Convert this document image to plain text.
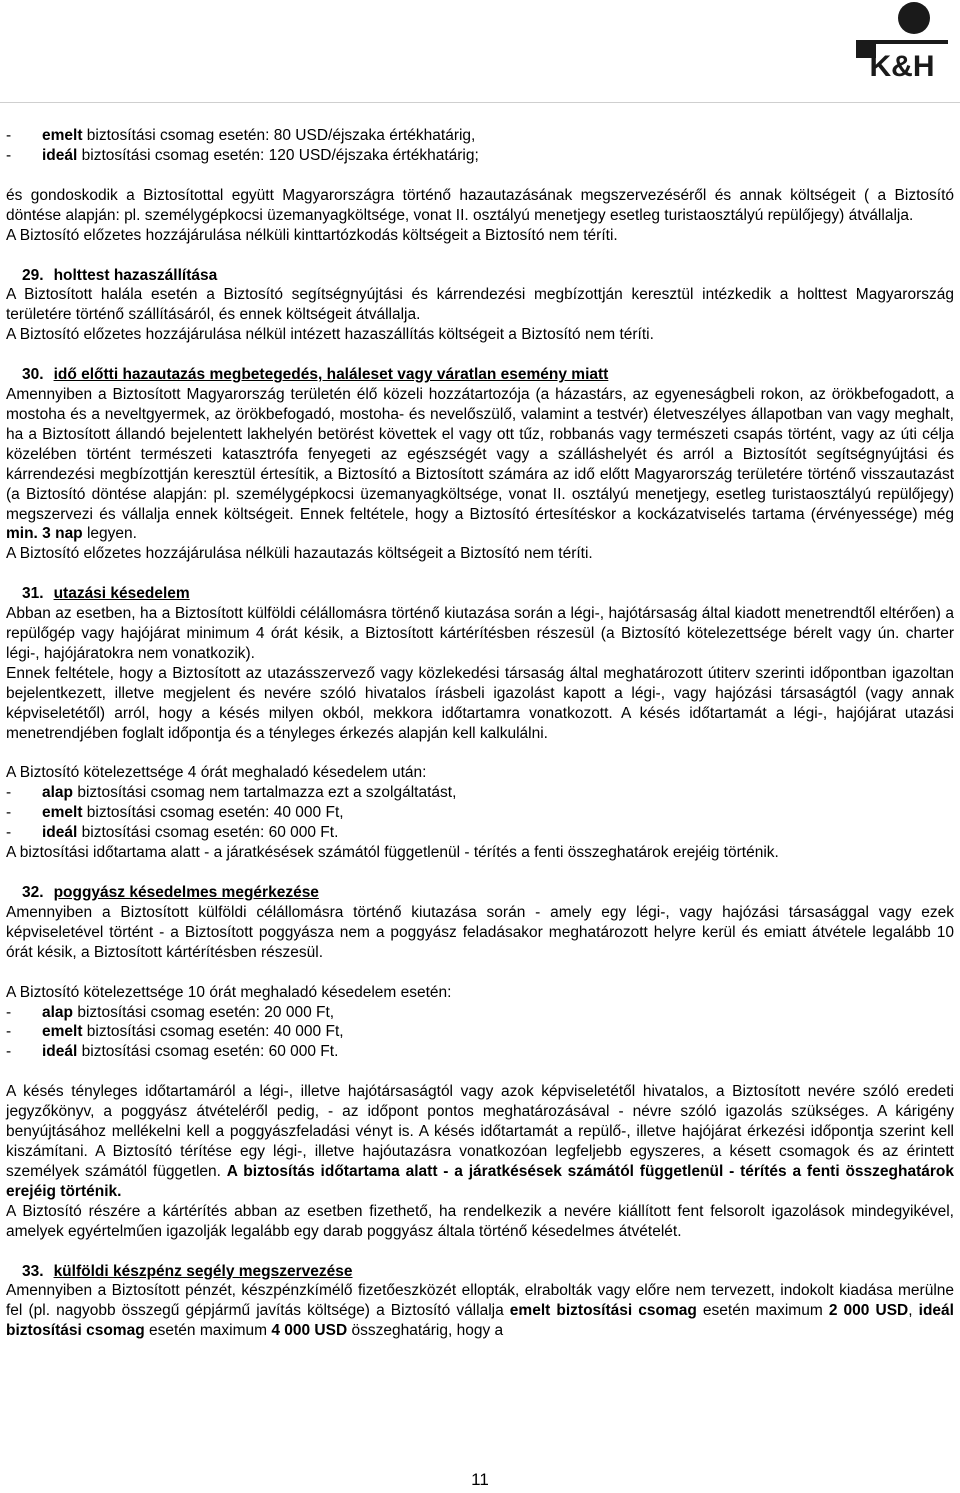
K&H
-	emelt biztosítási csomag esetén: 80 USD/éjszaka értékhatárig,
-	ideál biztosítási csomag esetén: 120 USD/éjszaka értékhatárig;

és gondoskodik a Biztosítottal együtt Magyarországra történő hazautazásának megszervezéséről és annak költségeit ( a Biztosító döntése alapján: pl. személygépkocsi üzemanyagköltsége, vonat II. osztályú menetjegy esetleg turistaosztályú repülőjegy) átvállalja.

A Biztosító előzetes hozzájárulása nélküli kinttartózkodás költségeit a Biztosító nem téríti.

29. holttest hazaszállítása

A Biztosított halála esetén a Biztosító segítségnyújtási és kárrendezési megbízottján keresztül intézkedik a holttest Magyarország területére történő szállításáról, és ennek költségeit átvállalja.

A Biztosító előzetes hozzájárulása nélkül intézett hazaszállítás költségeit a Biztosító nem téríti.

30. idő előtti hazautazás megbetegedés, haláleset vagy váratlan esemény miatt

Amennyiben a Biztosított Magyarország területén élő közeli hozzátartozója (a házastárs, az egyeneságbeli rokon, az örökbefogadott, a mostoha és a neveltgyermek, az örökbefogadó, mostoha- és nevelőszülő, valamint a testvér) életveszélyes állapotban van vagy meghalt, ha a Biztosított állandó bejelentett lakhelyén betörést követtek el vagy ott tűz, robbanás vagy természeti csapás történt, vagy az úti célja közelében történt természeti katasztrófa fenyegeti az egészségét vagy a szálláshelyét és arról a Biztosítót segítségnyújtási és kárrendezési megbízottján keresztül értesítik, a Biztosító a Biztosított számára az idő előtt Magyarország területére történő visszautazást (a Biztosító döntése alapján: pl. személygépkocsi üzemanyagköltsége, vonat II. osztályú menetjegy, esetleg turistaosztályú repülőjegy) megszervezi és vállalja ennek költségeit. Ennek feltétele, hogy a Biztosító értesítéskor a kockázatviselés tartama (érvényessége) még min. 3 nap legyen.

A Biztosító előzetes hozzájárulása nélküli hazautazás költségeit a Biztosító nem téríti.

31. utazási késedelem

Abban az esetben, ha a Biztosított külföldi célállomásra történő kiutazása során a légi-, hajótársaság által kiadott menetrendtől eltérően) a repülőgép vagy hajójárat minimum 4 órát késik, a Biztosított kártérítésben részesül (a Biztosító kötelezettsége bérelt vagy ún. charter légi-, hajójáratokra nem vonatkozik).

Ennek feltétele, hogy a Biztosított az utazásszervező vagy közlekedési társaság által meghatározott útiterv szerinti időpontban igazoltan bejelentkezett, illetve megjelent és nevére szóló hivatalos írásbeli igazolást kapott a légi-, vagy hajózási társaságtól (vagy annak képviseletétől) arról, hogy a késés milyen okból, mekkora időtartamra vonatkozott. A késés időtartamát a légi-, hajójárat utazási menetrendjében foglalt időpontja és a tényleges érkezés alapján kell kalkulálni.

A Biztosító kötelezettsége 4 órát meghaladó késedelem után:

-	alap biztosítási csomag nem tartalmazza ezt a szolgáltatást,
-	emelt biztosítási csomag esetén: 40 000 Ft,
-	ideál biztosítási csomag esetén: 60 000 Ft.

A biztosítási időtartama alatt - a járatkésések számától függetlenül - térítés a fenti összeghatárok erejéig történik.

32. poggyász késedelmes megérkezése

Amennyiben a Biztosított külföldi célállomásra történő kiutazása során - amely egy légi-, vagy hajózási társasággal vagy ezek képviseletével történt - a Biztosított poggyásza nem a poggyász feladásakor meghatározott helyre kerül és emiatt átvétele legalább 10 órát késik, a Biztosított kártérítésben részesül.

A Biztosító kötelezettsége 10 órát meghaladó késedelem esetén:

-	alap biztosítási csomag esetén: 20 000 Ft,
-	emelt biztosítási csomag esetén: 40 000 Ft,
-	ideál biztosítási csomag esetén: 60 000 Ft.

A késés tényleges időtartamáról a légi-, illetve hajótársaságtól vagy azok képviseletétől hivatalos, a Biztosított nevére szóló eredeti jegyzőkönyv, a poggyász átvételéről pedig, - az időpont pontos meghatározásával - névre szóló igazolás szükséges. A kárigény benyújtásához mellékelni kell a poggyászfeladási vényt is. A késés időtartamát a repülő-, illetve hajójárat érkezési időpontja szerint kell kiszámítani. A Biztosító térítése egy légi-, illetve hajóutazásra vonatkozóan legfeljebb egyszeres, a késett csomagok és az érintett személyek számától független. A biztosítás időtartama alatt - a járatkésések számától függetlenül - térítés a fenti összeghatárok erejéig történik.

A Biztosító részére a kártérítés abban az esetben fizethető, ha rendelkezik a nevére kiállított fent felsorolt igazolások mindegyikével, amelyek egyértelműen igazolják legalább egy darab poggyász általa történő késedelmes átvételét.

33. külföldi készpénz segély megszervezése

Amennyiben a Biztosított pénzét, készpénzkímélő fizetőeszközét ellopták, elrabolták vagy előre nem tervezett, indokolt kiadása merülne fel (pl. nagyobb összegű gépjármű javítás költsége) a Biztosító vállalja emelt biztosítási csomag esetén maximum 2 000 USD, ideál biztosítási csomag esetén maximum 4 000 USD összeghatárig, hogy a

11
